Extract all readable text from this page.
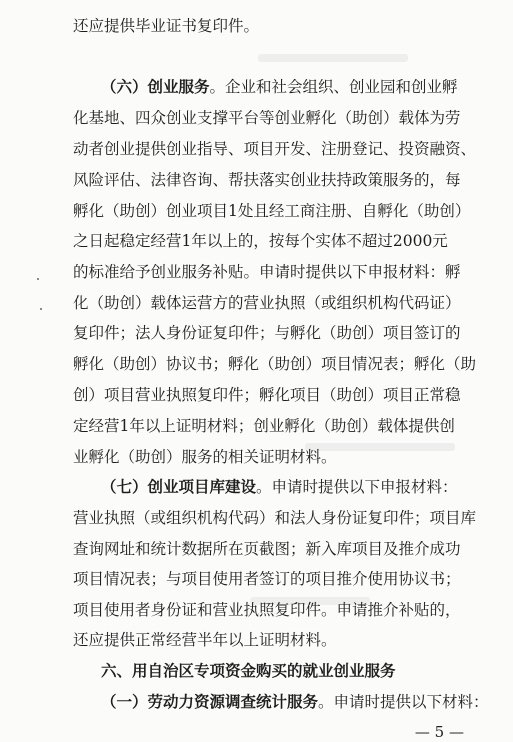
还应提供毕业证书复印件。
（六）创业服务。企业和社会组织、创业园和创业孵
化基地、四众创业支撑平台等创业孵化（助创）载体为劳
动者创业提供创业指导、项目开发、注册登记、投资融资、
风险评估、法律咨询、帮扶落实创业扶持政策服务的，每
孵化（助创）创业项目1处且经工商注册、自孵化（助创）
之日起稳定经营1年以上的，按每个实体不超过2000元
的标准给予创业服务补贴。申请时提供以下申报材料：孵
化（助创）载体运营方的营业执照（或组织机构代码证）
复印件；法人身份证复印件；与孵化（助创）项目签订的
孵化（助创）协议书；孵化（助创）项目情况表；孵化（助
创）项目营业执照复印件；孵化项目（助创）项目正常稳
定经营1年以上证明材料；创业孵化（助创）载体提供创
业孵化（助创）服务的相关证明材料。
（七）创业项目库建设。申请时提供以下申报材料：
营业执照（或组织机构代码）和法人身份证复印件；项目库
查询网址和统计数据所在页截图；新入库项目及推介成功
项目情况表；与项目使用者签订的项目推介使用协议书；
项目使用者身份证和营业执照复印件。申请推介补贴的，
还应提供正常经营半年以上证明材料。
六、用自治区专项资金购买的就业创业服务
（一）劳动力资源调查统计服务。申请时提供以下材料：
— 5 —
